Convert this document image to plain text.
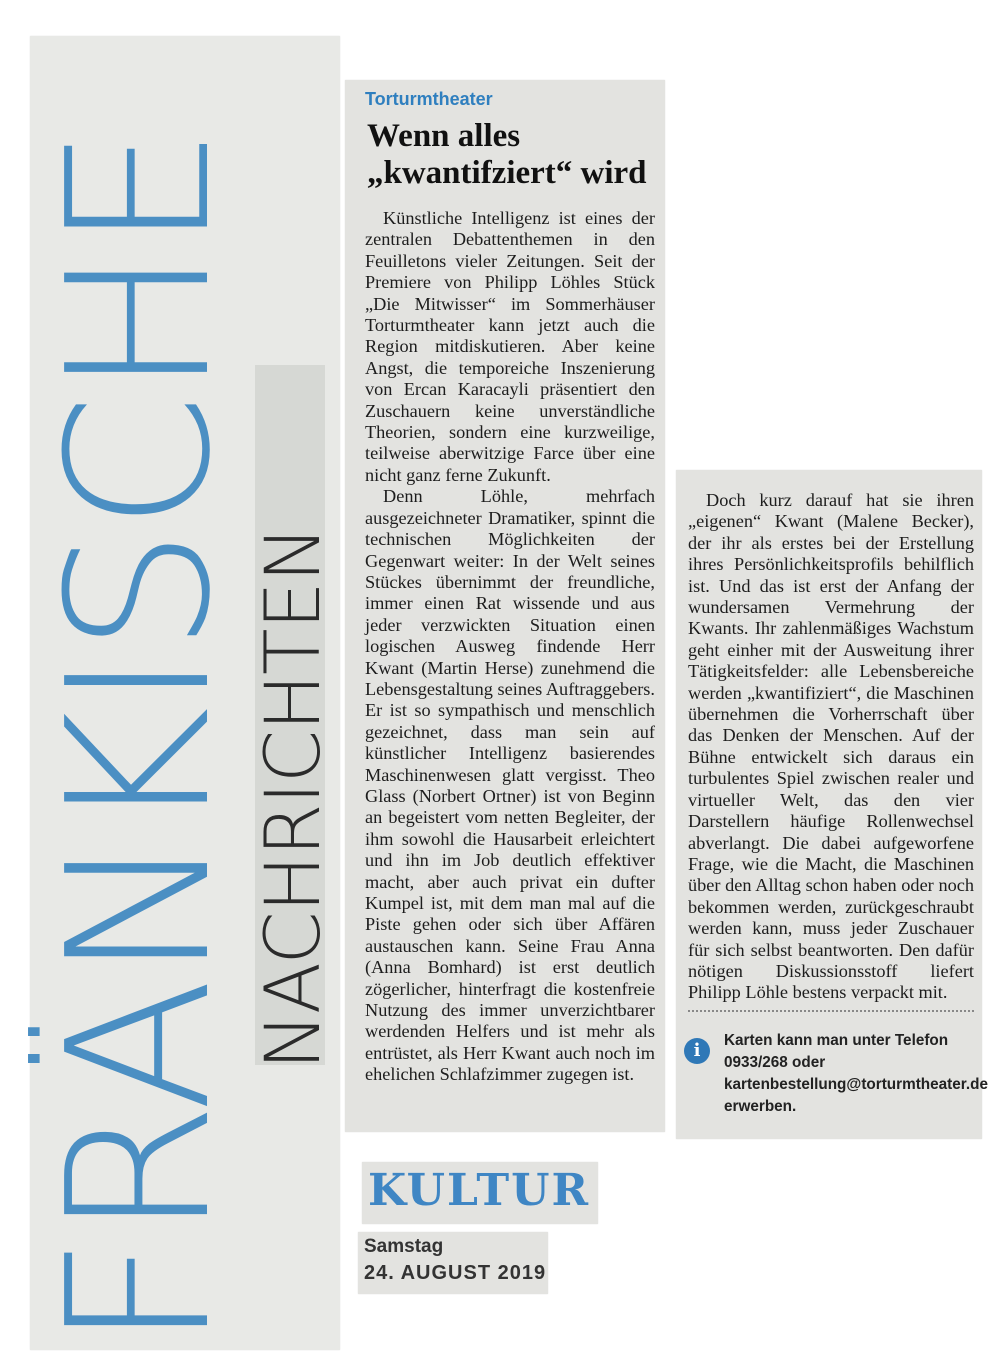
FRÄNKISCHE
NACHRICHTEN
Torturmtheater
Wenn alles „kwantifziert“ wird

Künstliche Intelligenz ist eines der zentralen Debattenthemen in den Feuilletons vieler Zeitungen. Seit der Premiere von Philipp Löhles Stück „Die Mitwisser“ im Sommerhäuser Torturmtheater kann jetzt auch die Region mitdiskutieren. Aber keine Angst, die temporeiche Inszenierung von Ercan Karacayli präsentiert den Zuschauern keine unverständliche Theorien, sondern eine kurzweilige, teilweise aberwitzige Farce über eine nicht ganz ferne Zukunft.

Denn Löhle, mehrfach ausgezeichneter Dramatiker, spinnt die technischen Möglichkeiten der Gegenwart weiter: In der Welt seines Stückes übernimmt der freundliche, immer einen Rat wissende und aus jeder verzwickten Situation einen logischen Ausweg findende Herr Kwant (Martin Herse) zunehmend die Lebensgestaltung seines Auftraggebers. Er ist so sympathisch und menschlich gezeichnet, dass man sein auf künstlicher Intelligenz basierendes Maschinenwesen glatt vergisst. Theo Glass (Norbert Ortner) ist von Beginn an begeistert vom netten Begleiter, der ihm sowohl die Hausarbeit erleichtert und ihn im Job deutlich effektiver macht, aber auch privat ein dufter Kumpel ist, mit dem man mal auf die Piste gehen oder sich über Affären austauschen kann. Seine Frau Anna (Anna Bomhard) ist erst deutlich zögerlicher, hinterfragt die kostenfreie Nutzung des immer unverzichtbarer werdenden Helfers und ist mehr als entrüstet, als Herr Kwant auch noch im ehelichen Schlafzimmer zugegen ist.

Doch kurz darauf hat sie ihren „eigenen“ Kwant (Malene Becker), der ihr als erstes bei der Erstellung ihres Persönlichkeitsprofils behilflich ist. Und das ist erst der Anfang der wundersamen Vermehrung der Kwants. Ihr zahlenmäßiges Wachstum geht einher mit der Ausweitung ihrer Tätigkeitsfelder: alle Lebensbereiche werden „kwantifiziert“, die Maschinen übernehmen die Vorherrschaft über das Denken der Menschen. Auf der Bühne entwickelt sich daraus ein turbulentes Spiel zwischen realer und virtueller Welt, das den vier Darstellern häufige Rollenwechsel abverlangt. Die dabei aufgeworfene Frage, wie die Macht, die Maschinen über den Alltag schon haben oder noch bekommen werden, zurückgeschraubt werden kann, muss jeder Zuschauer für sich selbst beantworten. Den dafür nötigen Diskussionsstoff liefert Philipp Löhle bestens verpackt mit.

i	Karten kann man unter Telefon 0933/268 oder kartenbestellung@torturmtheater.de erwerben.
KULTUR
Samstag
24. AUGUST 2019
